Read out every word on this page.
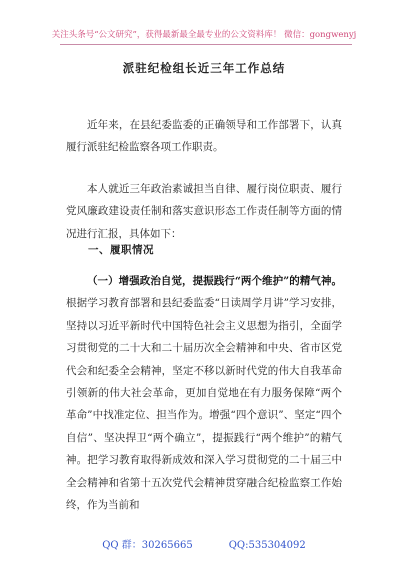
关注头条号“公文研究”，获得最新最全最专业的公文资料库！ 微信：gongwenyj
派驻纪检组长近三年工作总结

近年来，在县纪委监委的正确领导和工作部署下，认真履行派驻纪检监察各项工作职责。

本人就近三年政治素诚担当自律、履行岗位职责、履行党风廉政建设责任制和落实意识形态工作责任制等方面的情况进行汇报，具体如下：

一、履职情况

（一）增强政治自觉，提振践行“两个维护”的精气神。根据学习教育部署和县纪委监委“日读周学月讲”学习安排，坚持以习近平新时代中国特色社会主义思想为指引，全面学习贯彻党的二十大和二十届历次全会精神和中央、省市区党代会和纪委全会精神，坚定不移以新时代党的伟大自我革命引领新的伟大社会革命，更加自觉地在有力服务保障“两个革命”中找准定位、担当作为。增强“四个意识”、坚定“四个自信”、坚决捍卫“两个确立”，提振践行“两个维护”的精气神。把学习教育取得新成效和深入学习贯彻党的二十届三中全会精神和省第十五次党代会精神贯穿融合纪检监察工作始终，作为当前和

QQ 群：30265665	QQ:535304092
